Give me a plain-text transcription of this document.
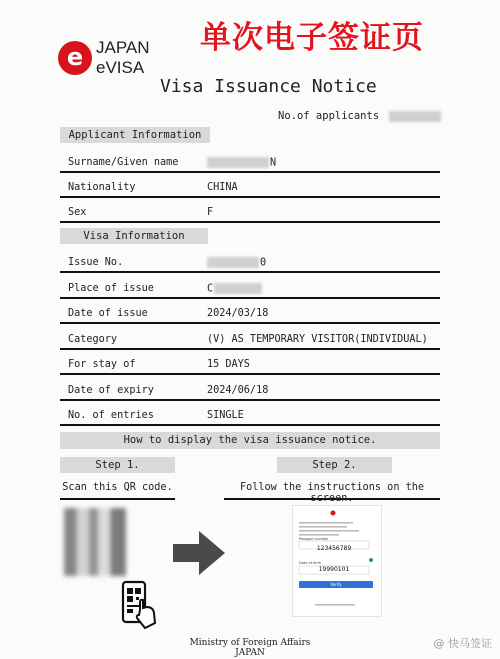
单次电子签证页
e JAPAN
eVISA
Visa Issuance Notice
No.of applicants
Applicant Information
Surname/Given name	N
Nationality	CHINA
Sex	F
Visa Information
Issue No.	0
Place of issue	C
Date of issue	2024/03/18
Category	(V) AS TEMPORARY VISITOR(INDIVIDUAL)
For stay of	15 DAYS
Date of expiry	2024/06/18
No. of entries	SINGLE
How to display the visa issuance notice.
Step 1.	Step 2.
Scan this QR code.	Follow the instructions on the screen.
Passport number
123456789
Date of birth
19990101
Verify
Ministry of Foreign Affairs
JAPAN
@ 快马签证
